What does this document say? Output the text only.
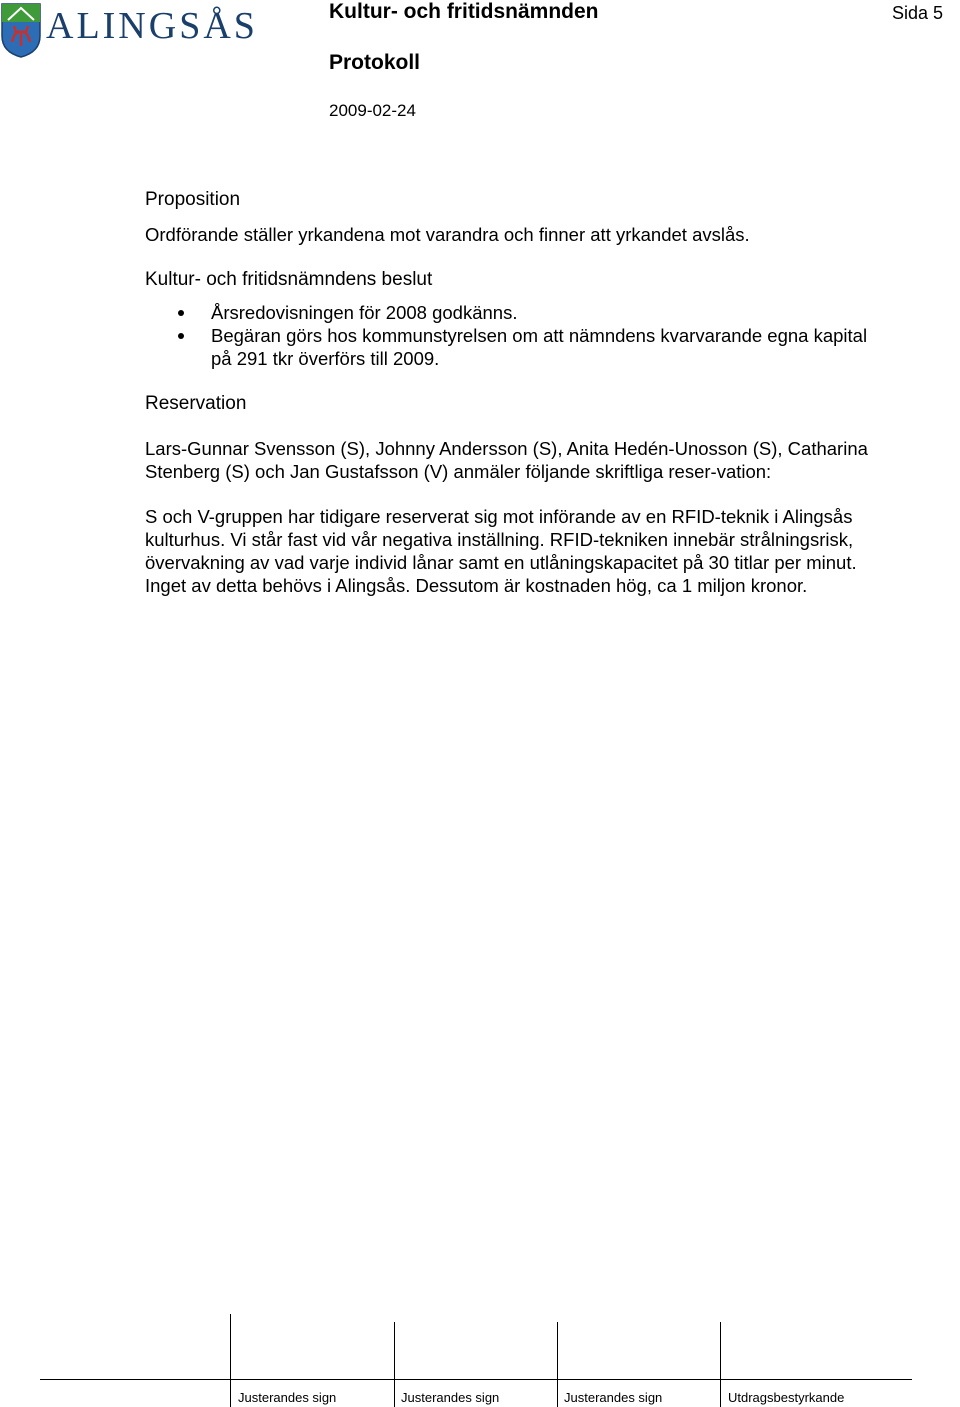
ALINGSÅS	Kultur- och fritidsnämnden	Sida 5
Protokoll
2009-02-24
Proposition
Ordförande ställer yrkandena mot varandra och finner att yrkandet avslås.
Kultur- och fritidsnämndens beslut
Årsredovisningen för 2008 godkänns.
Begäran görs hos kommunstyrelsen om att nämndens kvarvarande egna kapital på 291 tkr överförs till 2009.
Reservation
Lars-Gunnar Svensson (S), Johnny Andersson (S), Anita Hedén-Unosson (S), Catharina Stenberg (S) och Jan Gustafsson (V) anmäler följande skriftliga reser-vation:
S och V-gruppen har tidigare reserverat sig mot införande av en RFID-teknik i Alingsås kulturhus. Vi står fast vid vår negativa inställning. RFID-tekniken innebär strålningsrisk, övervakning av vad varje individ lånar samt en utlåningskapacitet på 30 titlar per minut. Inget av detta behövs i Alingsås. Dessutom är kostnaden hög, ca 1 miljon kronor.
Justerandes sign	Justerandes sign	Justerandes sign	Utdragsbestyrkande
